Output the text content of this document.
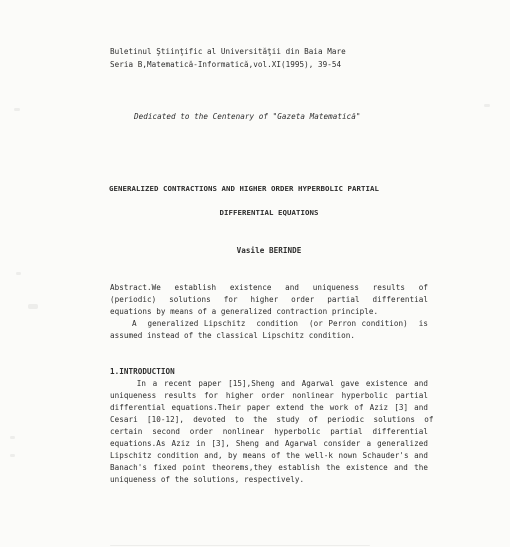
Buletinul Ştiinţific al Universităţii din Baia Mare
Seria B,Matematică-Informatică,vol.XI(1995), 39-54
Dedicated to the Centenary of "Gazeta Matematică"
GENERALIZED CONTRACTIONS AND HIGHER ORDER HYPERBOLIC PARTIAL
DIFFERENTIAL EQUATIONS
Vasile BERINDE
Abstract.We  establish  existence  and  uniqueness  results  of
(periodic)  solutions  for  higher  order  partial  differential
equations by means of a generalized contraction principle.
A  generalized Lipschitz  condition  (or Perron condition)  is
assumed instead of the classical Lipschitz condition.
1.INTRODUCTION
In a recent paper [15],Sheng and Agarwal gave existence and
uniqueness results for higher order nonlinear hyperbolic partial
differential equations.Their paper extend the work of Aziz [3] and
Cesari  [10-12],  devoted  to  the  study  of  periodic  solutions  of
certain  second  order  nonlinear  hyperbolic  partial  differential
equations.As Aziz in [3], Sheng and Agarwal consider a generalized
Lipschitz condition and, by means of the well-k nown Schauder's and
Banach's fixed point theorems,they establish the existence and the
uniqueness of the solutions, respectively.
